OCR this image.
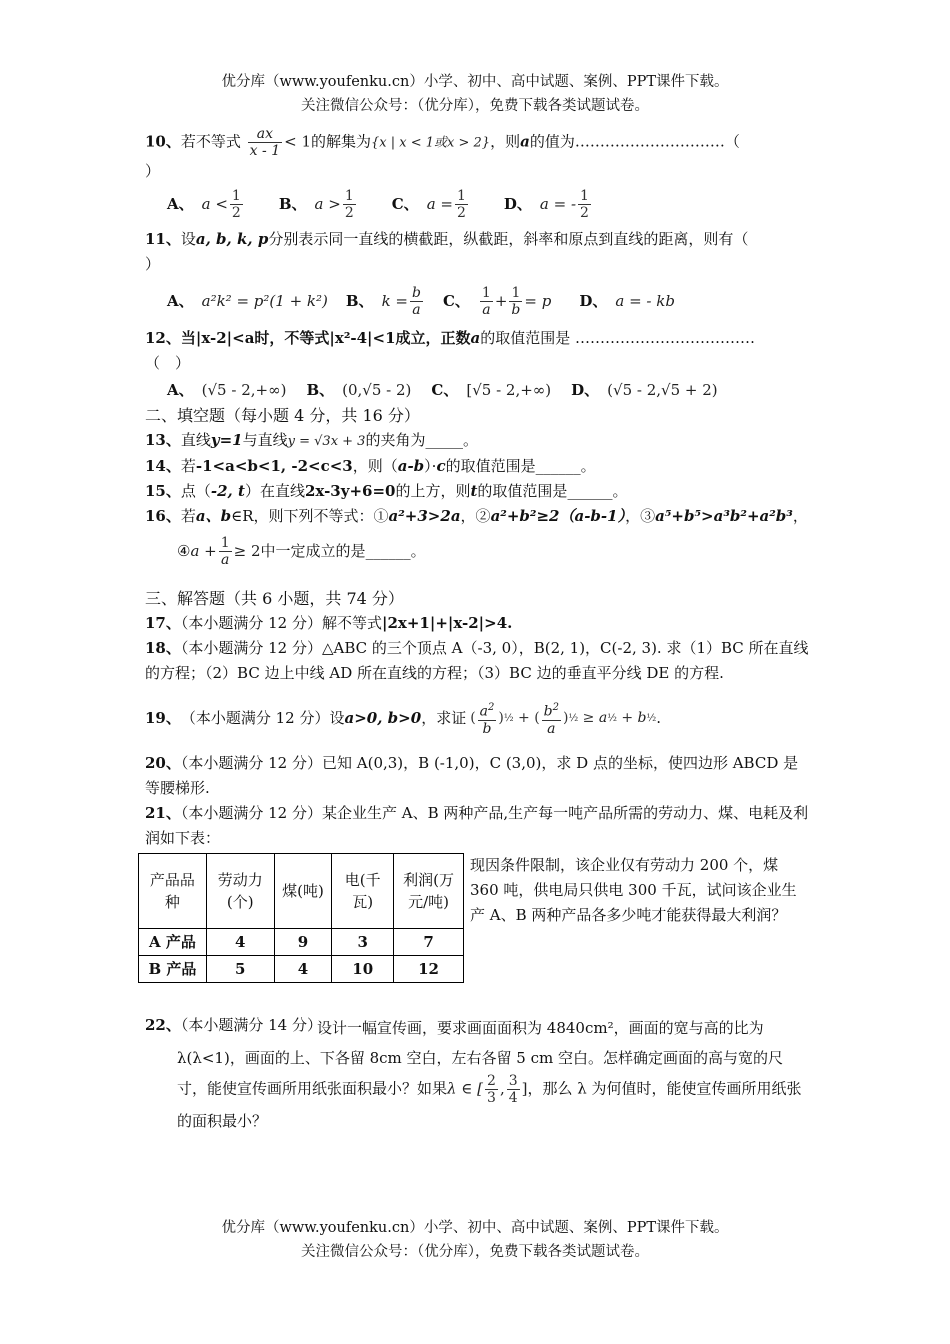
优分库（www.youfenku.cn）小学、初中、高中试题、案例、PPT课件下载。
关注微信公众号：（优分库），免费下载各类试题试卷。
10、若不等式 $\frac{ax}{x - 1} < 1$的解集为{x | x < 1或x > 2}，则a的值为…………………………（
）
A、 $a < \frac{1}{2}$ B、 $a > \frac{1}{2}$ C、 $a = \frac{1}{2}$ D、 a = - $\frac{1}{2}$
11、设a, b, k, p分别表示同一直线的横截距，纵截距，斜率和原点到直线的距离，则有（
）
A、 a²k² = p²(1 + k²) B、 $k = \frac{b}{a}$ C、 $\frac{1}{a} + \frac{1}{b} = p$ D、 a = - kb
12、当|x-2|<a时，不等式|x²-4|<1成立，正数a的取值范围是 ………………………………
（　）
A、 (√5 - 2,+∞) B、 (0,√5 - 2) C、 [√5 - 2,+∞) D、 (√5 - 2,√5 + 2)
二、填空题（每小题 4 分，共 16 分）
13、直线y=1与直线y = √3x + 3的夹角为_____。
14、若-1<a<b<1, -2<c<3，则（a-b）·c的取值范围是______。
15、点（-2, t）在直线2x-3y+6=0的上方，则t的取值范围是______。
16、若a、b∈R，则下列不等式：①a²+3>2a，②a²+b²≥2（a-b-1），③a⁵+b⁵>a³b²+a²b³，
④ $a + \frac{1}{a} \ge 2$ 中一定成立的是 ______ 。
三、解答题（共 6 小题，共 74 分）
17、（本小题满分 12 分）解不等式|2x+1|+|x-2|>4.
18、（本小题满分 12 分）△ABC 的三个顶点 A（-3, 0），B(2, 1)，C(-2, 3). 求（1）BC 所在直线的方程；（2）BC 边上中线 AD 所在直线的方程；（3）BC 边的垂直平分线 DE 的方程.
19、 （本小题满分 12 分） 设 a>0, b>0 ，求证 ( $\frac{a^2}{b}$ ) ½ + ( $\frac{b^2}{a}$ ) ½ ≥ a ½ + b ½ .
20、（本小题满分 12 分）已知 A(0,3)，B (-1,0)，C (3,0)，求 D 点的坐标，使四边形 ABCD 是等腰梯形.
21、（本小题满分 12 分）某企业生产 A、B 两种产品,生产每一吨产品所需的劳动力、煤、电耗及利润如下表：
产品品种	劳动力(个)	煤(吨)	电(千瓦)	利润(万元/吨)
A 产品	4	9	3	7
B 产品	5	4	10	12
现因条件限制，该企业仅有劳动力 200 个，煤 360 吨，供电局只供电 300 千瓦，试问该企业生产 A、B 两种产品各多少吨才能获得最大利润？
22、（本小题满分 14 分）
设计一幅宣传画，要求画面面积为 4840cm²，画面的宽与高的比为 λ(λ<1)，画面的上、下各留 8cm 空白，左右各留 5 cm 空白。怎样确定画面的高与宽的尺寸，能使宣传画所用纸张面积最小？如果λ ∈ [ $\frac{2}{3}$ , $\frac{3}{4}$ ]，那么 λ 为何值时，能使宣传画所用纸张的面积最小？
优分库（www.youfenku.cn）小学、初中、高中试题、案例、PPT课件下载。
关注微信公众号：（优分库），免费下载各类试题试卷。
